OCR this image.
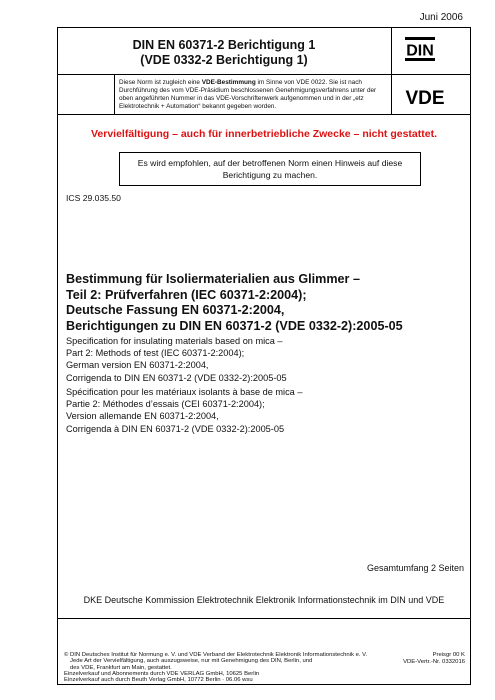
Juni 2006
DIN EN 60371-2 Berichtigung 1
(VDE 0332-2 Berichtigung 1)
DIN
Diese Norm ist zugleich eine VDE-Bestimmung im Sinne von VDE 0022. Sie ist nach Durchführung des vom VDE-Präsidium beschlossenen Genehmigungsverfahrens unter der oben angeführten Nummer in das VDE-Vorschriftenwerk aufgenommen und in der „etz Elektrotechnik + Automation“ bekannt gegeben worden.	VDE
Vervielfältigung – auch für innerbetriebliche Zwecke – nicht gestattet.
Es wird empfohlen, auf der betroffenen Norm einen Hinweis auf diese Berichtigung zu machen.
ICS 29.035.50
Bestimmung für Isoliermaterialien aus Glimmer –
Teil 2: Prüfverfahren (IEC 60371-2:2004);
Deutsche Fassung EN 60371-2:2004,
Berichtigungen zu DIN EN 60371-2 (VDE 0332-2):2005-05
Specification for insulating materials based on mica –
Part 2: Methods of test (IEC 60371-2:2004);
German version EN 60371-2:2004,
Corrigenda to DIN EN 60371-2 (VDE 0332-2):2005-05
Spécification pour les matériaux isolants à base de mica –
Partie 2: Méthodes d’essais (CEI 60371-2:2004);
Version allemande EN 60371-2:2004,
Corrigenda à DIN EN 60371-2 (VDE 0332-2):2005-05
Gesamtumfang 2 Seiten
DKE Deutsche Kommission Elektrotechnik Elektronik Informationstechnik im DIN und VDE
© DIN Deutsches Institut für Normung e. V. und VDE Verband der Elektrotechnik Elektronik Informationstechnik e. V.
Jede Art der Vervielfältigung, auch auszugsweise, nur mit Genehmigung des DIN, Berlin, und
des VDE, Frankfurt am Main, gestattet.
Einzelverkauf und Abonnements durch VDE VERLAG GmbH, 10625 Berlin
Einzelverkauf auch durch Beuth Verlag GmbH, 10772 Berlin · 06.06 wsu
Preisgr 00 K
VDE-Vertr.-Nr. 0332016
